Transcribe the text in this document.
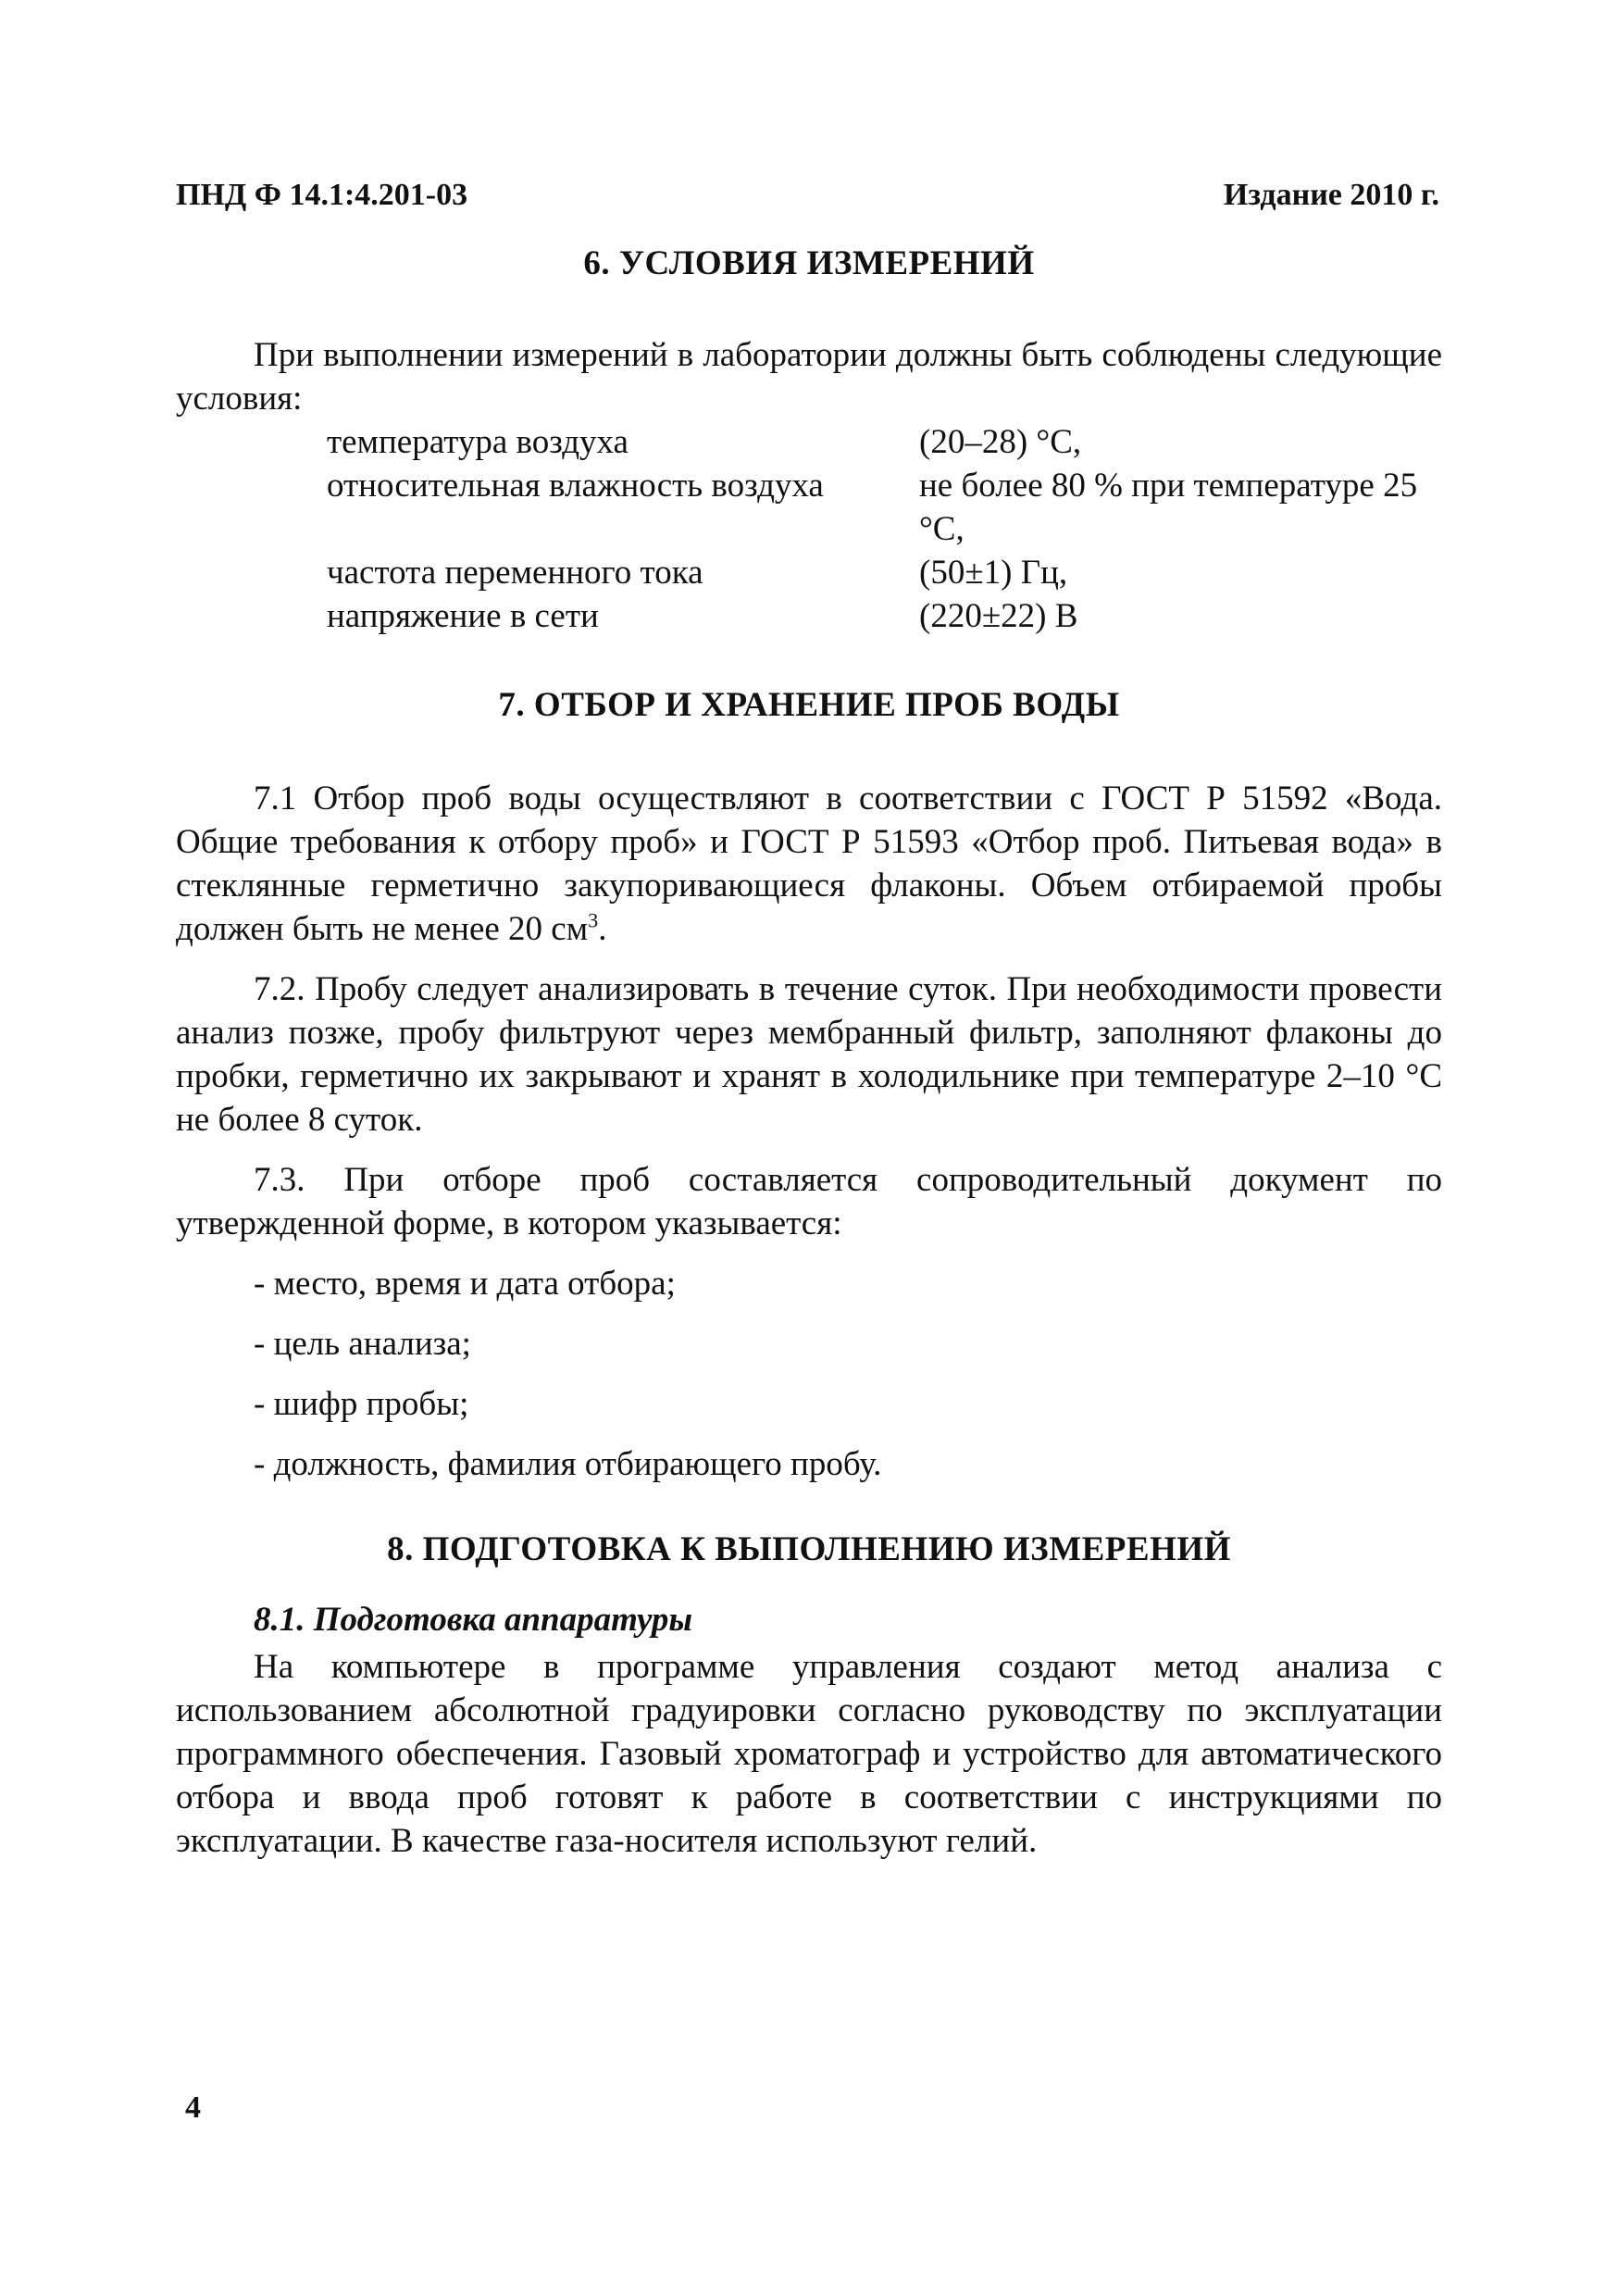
ПНД Ф 14.1:4.201-03	Издание 2010 г.
6. УСЛОВИЯ ИЗМЕРЕНИЙ

При выполнении измерений в лаборатории должны быть соблюдены следующие условия:

температура воздуха	(20–28) °С,
относительная влажность воздуха	не более 80 % при температуре 25 °С,
частота переменного тока	(50±1) Гц,
напряжение в сети	(220±22) В
7. ОТБОР И ХРАНЕНИЕ ПРОБ ВОДЫ

7.1 Отбор проб воды осуществляют в соответствии с ГОСТ Р 51592 «Вода. Общие требования к отбору проб» и ГОСТ Р 51593 «Отбор проб. Питьевая вода» в стеклянные герметично закупоривающиеся флаконы. Объем отбираемой пробы должен быть не менее 20 $см^3$.

7.2. Пробу следует анализировать в течение суток. При необходимости провести анализ позже, пробу фильтруют через мембранный фильтр, заполняют флаконы до пробки, герметично их закрывают и хранят в холодильнике при температуре 2–10 °С не более 8 суток.

7.3. При отборе проб составляется сопроводительный документ по утвержденной форме, в котором указывается:

- место, время и дата отбора;
- цель анализа;
- шифр пробы;
- должность, фамилия отбирающего пробу.
8. ПОДГОТОВКА К ВЫПОЛНЕНИЮ ИЗМЕРЕНИЙ
8.1. Подготовка аппаратуры

На компьютере в программе управления создают метод анализа с использованием абсолютной градуировки согласно руководству по эксплуатации программного обеспечения. Газовый хроматограф и устройство для автоматического отбора и ввода проб готовят к работе в соответствии с инструкциями по эксплуатации. В качестве газа-носителя используют гелий.

4
